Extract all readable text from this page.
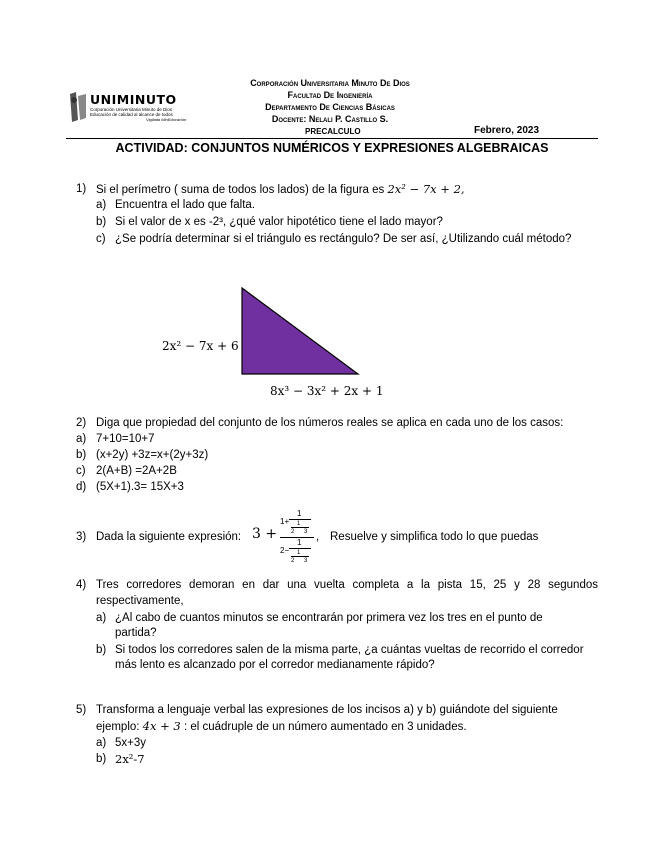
UNIMINUTO
Corporación Universitaria Minuto de Dios
Educación de calidad al alcance de todos
Vigilada MinEducación
Corporación Universitaria Minuto De Dios
Facultad De Ingeniería
Departamento De Ciencias Básicas
Docente: Nelali P. Castillo S.
PRECALCULO	Febrero, 2023
ACTIVIDAD: CONJUNTOS NUMÉRICOS Y EXPRESIONES ALGEBRAICAS
1) Si el perímetro ( suma de todos los lados) de la figura es 2x² − 7x + 2,
a) Encuentra el lado que falta.
b) Si el valor de x es -2³, ¿qué valor hipotético tiene el lado mayor?
c) ¿Se podría determinar si el triángulo es rectángulo? De ser así, ¿Utilizando cuál método?
2x² − 7x + 6
8x³ − 3x² + 2x + 1
2) Diga que propiedad del conjunto de los números reales se aplica en cada uno de los casos:
a) 7+10=10+7
b) (x+2y) +3z=x+(2y+3z)
c) 2(A+B) =2A+2B
d) (5X+1).3= 15X+3
3) Dada la siguiente expresión: 3 +
1+
1
1
2 3
2−
1
1
2 3
, Resuelve y simplifica todo lo que puedas
4) Tres corredores demoran en dar una vuelta completa a la pista 15, 25 y 28 segundos
respectivamente,
a) ¿Al cabo de cuantos minutos se encontrarán por primera vez los tres en el punto de
partida?
b) Si todos los corredores salen de la misma parte, ¿a cuántas vueltas de recorrido el corredor
más lento es alcanzado por el corredor medianamente rápido?
5) Transforma a lenguaje verbal las expresiones de los incisos a) y b) guiándote del siguiente
ejemplo: 4x + 3 : el cuádruple de un número aumentado en 3 unidades.
a) 5x+3y
b) 2x²-7
